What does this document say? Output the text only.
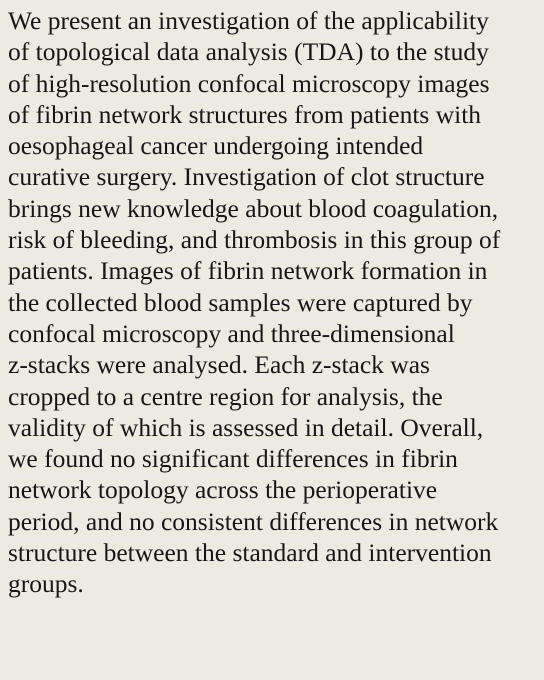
We present an investigation of the applicability
of topological data analysis (TDA) to the study
of high-resolution confocal microscopy images
of fibrin network structures from patients with
oesophageal cancer undergoing intended
curative surgery. Investigation of clot structure
brings new knowledge about blood coagulation,
risk of bleeding, and thrombosis in this group of
patients. Images of fibrin network formation in
the collected blood samples were captured by
confocal microscopy and three-dimensional
z-stacks were analysed. Each z-stack was
cropped to a centre region for analysis, the
validity of which is assessed in detail. Overall,
we found no significant differences in fibrin
network topology across the perioperative
period, and no consistent differences in network
structure between the standard and intervention
groups.
